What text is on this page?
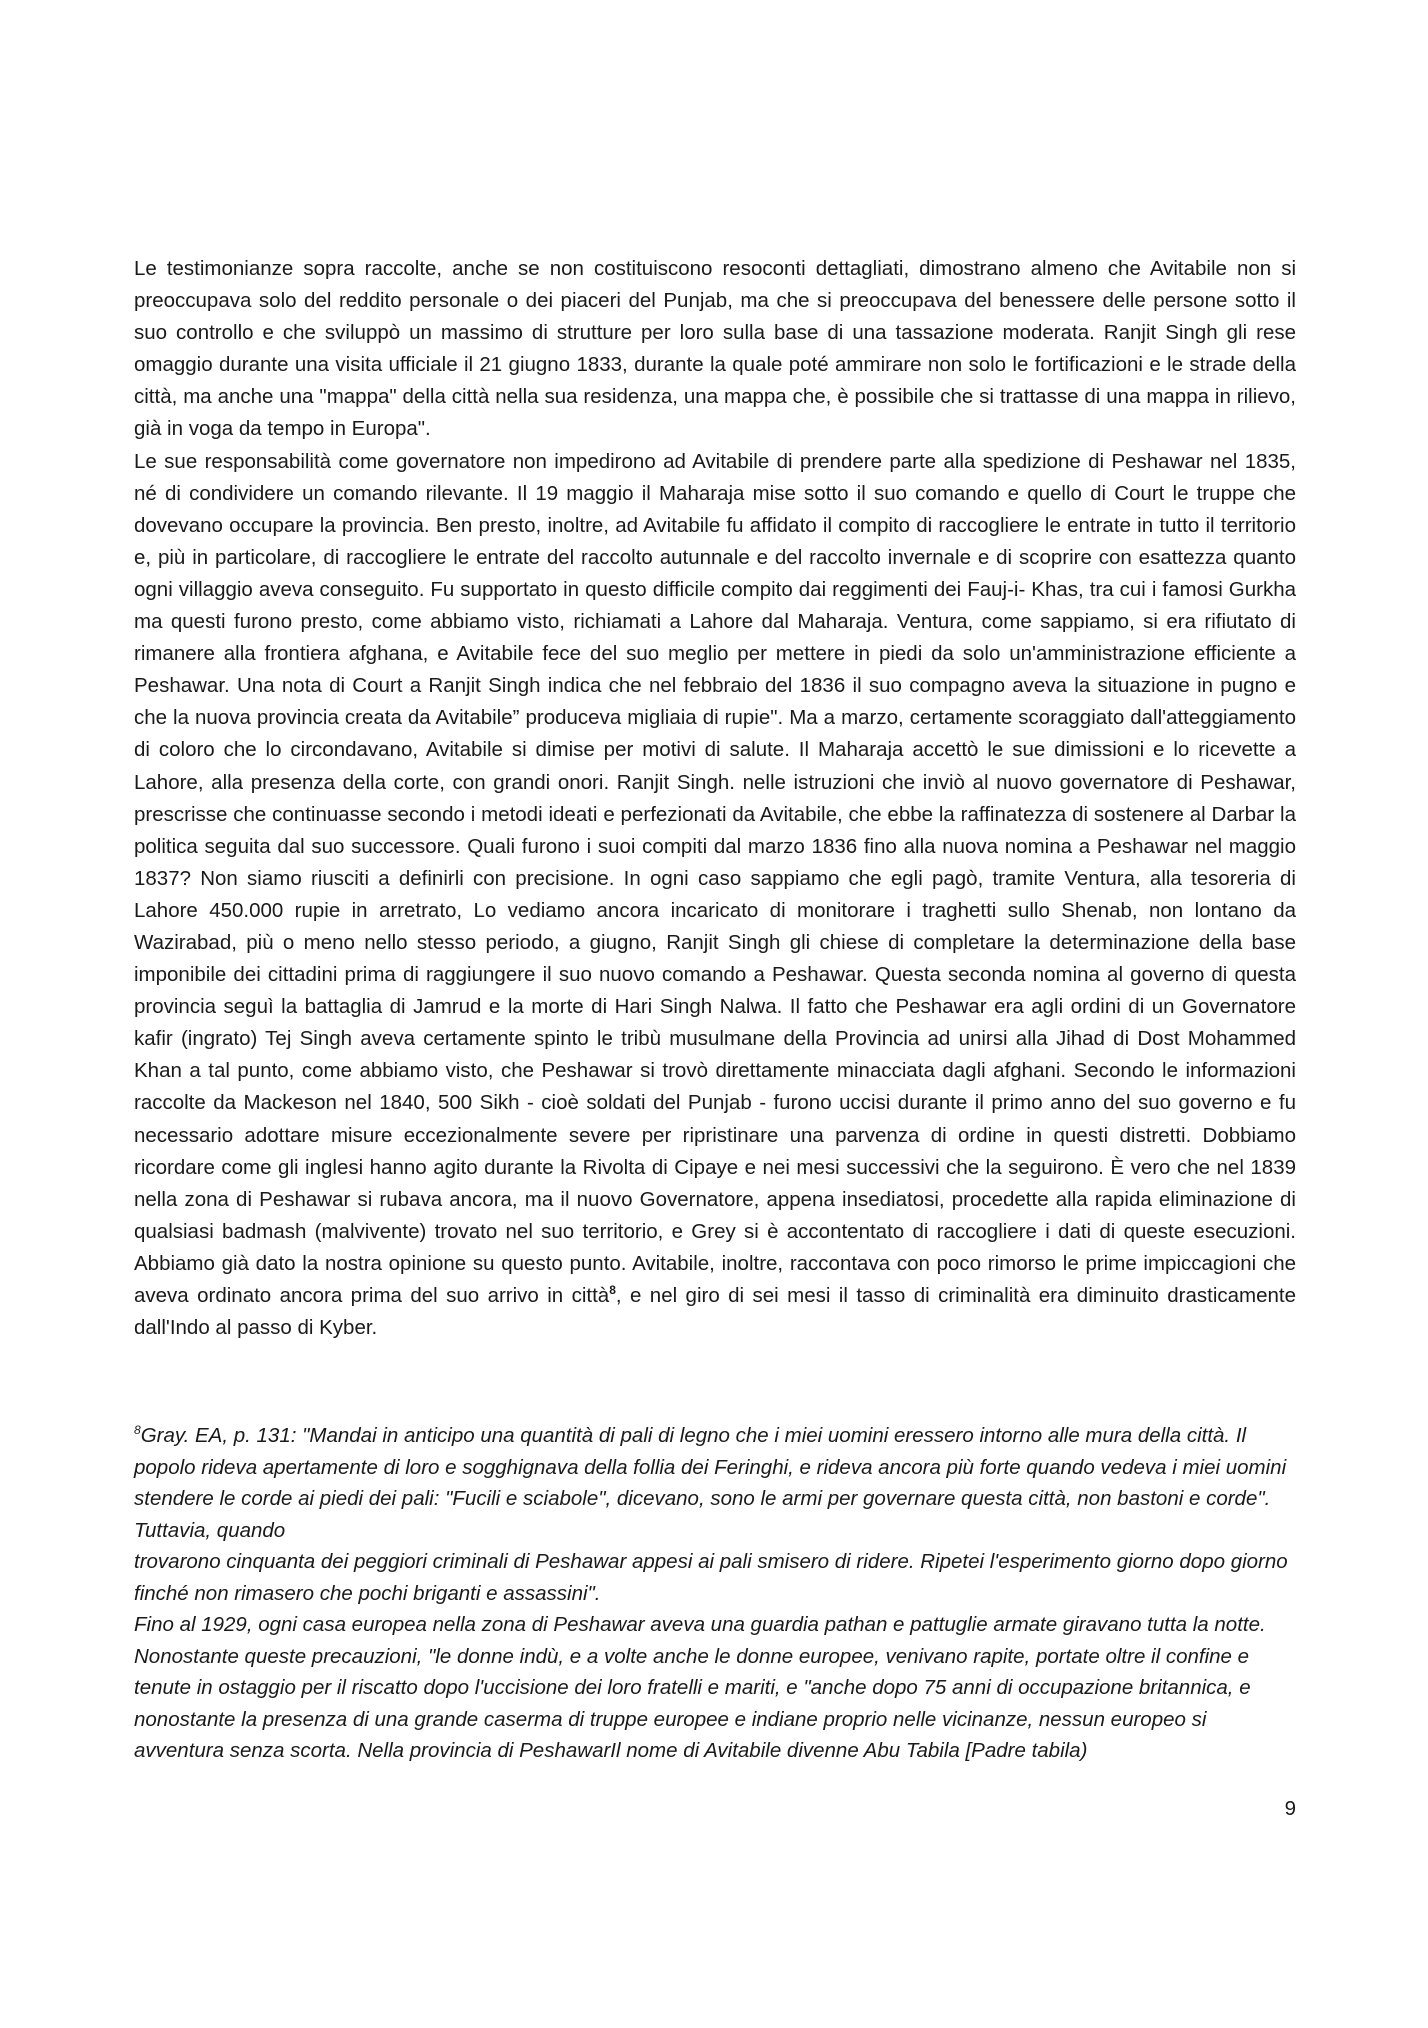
Le testimonianze sopra raccolte, anche se non costituiscono resoconti dettagliati, dimostrano almeno che Avitabile non si preoccupava solo del reddito personale o dei piaceri del Punjab, ma che si preoccupava del benessere delle persone sotto il suo controllo e che sviluppò un massimo di strutture per loro sulla base di una tassazione moderata. Ranjit Singh gli rese omaggio durante una visita ufficiale il 21 giugno 1833, durante la quale poté ammirare non solo le fortificazioni e le strade della città, ma anche una "mappa" della città nella sua residenza, una mappa che, è possibile che si trattasse di una mappa in rilievo, già in voga da tempo in Europa".

Le sue responsabilità come governatore non impedirono ad Avitabile di prendere parte alla spedizione di Peshawar nel 1835, né di condividere un comando rilevante. Il 19 maggio il Maharaja mise sotto il suo comando e quello di Court le truppe che dovevano occupare la provincia. Ben presto, inoltre, ad Avitabile fu affidato il compito di raccogliere le entrate in tutto il territorio e, più in particolare, di raccogliere le entrate del raccolto autunnale e del raccolto invernale e di scoprire con esattezza quanto ogni villaggio aveva conseguito. Fu supportato in questo difficile compito dai reggimenti dei Fauj-i- Khas, tra cui i famosi Gurkha ma questi furono presto, come abbiamo visto, richiamati a Lahore dal Maharaja. Ventura, come sappiamo, si era rifiutato di rimanere alla frontiera afghana, e Avitabile fece del suo meglio per mettere in piedi da solo un'amministrazione efficiente a Peshawar. Una nota di Court a Ranjit Singh indica che nel febbraio del 1836 il suo compagno aveva la situazione in pugno e che la nuova provincia creata da Avitabile” produceva migliaia di rupie". Ma a marzo, certamente scoraggiato dall'atteggiamento di coloro che lo circondavano, Avitabile si dimise per motivi di salute. Il Maharaja accettò le sue dimissioni e lo ricevette a Lahore, alla presenza della corte, con grandi onori. Ranjit Singh. nelle istruzioni che inviò al nuovo governatore di Peshawar, prescrisse che continuasse secondo i metodi ideati e perfezionati da Avitabile, che ebbe la raffinatezza di sostenere al Darbar la politica seguita dal suo successore. Quali furono i suoi compiti dal marzo 1836 fino alla nuova nomina a Peshawar nel maggio 1837? Non siamo riusciti a definirli con precisione. In ogni caso sappiamo che egli pagò, tramite Ventura, alla tesoreria di Lahore 450.000 rupie in arretrato, Lo vediamo ancora incaricato di monitorare i traghetti sullo Shenab, non lontano da Wazirabad, più o meno nello stesso periodo, a giugno, Ranjit Singh gli chiese di completare la determinazione della base imponibile dei cittadini prima di raggiungere il suo nuovo comando a Peshawar. Questa seconda nomina al governo di questa provincia seguì la battaglia di Jamrud e la morte di Hari Singh Nalwa. Il fatto che Peshawar era agli ordini di un Governatore kafir (ingrato) Tej Singh aveva certamente spinto le tribù musulmane della Provincia ad unirsi alla Jihad di Dost Mohammed Khan a tal punto, come abbiamo visto, che Peshawar si trovò direttamente minacciata dagli afghani. Secondo le informazioni raccolte da Mackeson nel 1840, 500 Sikh - cioè soldati del Punjab - furono uccisi durante il primo anno del suo governo e fu necessario adottare misure eccezionalmente severe per ripristinare una parvenza di ordine in questi distretti. Dobbiamo ricordare come gli inglesi hanno agito durante la Rivolta di Cipaye e nei mesi successivi che la seguirono. È vero che nel 1839 nella zona di Peshawar si rubava ancora, ma il nuovo Governatore, appena insediatosi, procedette alla rapida eliminazione di qualsiasi badmash (malvivente) trovato nel suo territorio, e Grey si è accontentato di raccogliere i dati di queste esecuzioni. Abbiamo già dato la nostra opinione su questo punto. Avitabile, inoltre, raccontava con poco rimorso le prime impiccagioni che aveva ordinato ancora prima del suo arrivo in città$^8$, e nel giro di sei mesi il tasso di criminalità era diminuito drasticamente dall'Indo al passo di Kyber.

$^8$Gray. EA, p. 131: "Mandai in anticipo una quantità di pali di legno che i miei uomini eressero intorno alle mura della città. Il popolo rideva apertamente di loro e sogghignava della follia dei Feringhi, e rideva ancora più forte quando vedeva i miei uomini stendere le corde ai piedi dei pali: "Fucili e sciabole", dicevano, sono le armi per governare questa città, non bastoni e corde". Tuttavia, quando

trovarono cinquanta dei peggiori criminali di Peshawar appesi ai pali smisero di ridere. Ripetei l'esperimento giorno dopo giorno finché non rimasero che pochi briganti e assassini".

Fino al 1929, ogni casa europea nella zona di Peshawar aveva una guardia pathan e pattuglie armate giravano tutta la notte. Nonostante queste precauzioni, "le donne indù, e a volte anche le donne europee, venivano rapite, portate oltre il confine e tenute in ostaggio per il riscatto dopo l'uccisione dei loro fratelli e mariti, e "anche dopo 75 anni di occupazione britannica, e nonostante la presenza di una grande caserma di truppe europee e indiane proprio nelle vicinanze, nessun europeo si avventura senza scorta. Nella provincia di PeshawarIl nome di Avitabile divenne Abu Tabila [Padre tabila)

9
